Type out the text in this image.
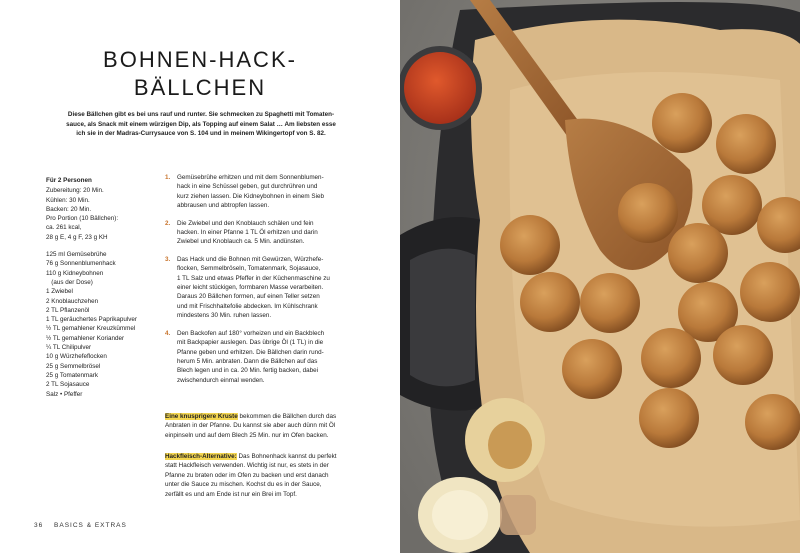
BOHNEN-HACK-
BÄLLCHEN
Diese Bällchen gibt es bei uns rauf und runter. Sie schmecken zu Spaghetti mit Tomaten-
sauce, als Snack mit einem würzigen Dip, als Topping auf einem Salat … Am liebsten esse
ich sie in der Madras-Currysauce von S. 104 und in meinem Wikingertopf von S. 82.
Für 2 Personen
Zubereitung: 20 Min.
Kühlen: 30 Min.
Backen: 20 Min.
Pro Portion (10 Bällchen):
ca. 261 kcal,
28 g E, 4 g F, 23 g KH
125 ml Gemüsebrühe
76 g Sonnenblumenhack
110 g Kidneybohnen
(aus der Dose)
1 Zwiebel
2 Knoblauchzehen
2 TL Pflanzenöl
1 TL geräuchertes Paprikapulver
½ TL gemahlener Kreuzkümmel
½ TL gemahlener Koriander
¼ TL Chilipulver
10 g Würzhefeflocken
25 g Semmelbrösel
25 g Tomatenmark
2 TL Sojasauce
Salz • Pfeffer
1. Gemüsebrühe erhitzen und mit dem Sonnenblumen-
hack in eine Schüssel geben, gut durchrühren und
kurz ziehen lassen. Die Kidneybohnen in einem Sieb
abbrausen und abtropfen lassen.
2. Die Zwiebel und den Knoblauch schälen und fein
hacken. In einer Pfanne 1 TL Öl erhitzen und darin
Zwiebel und Knoblauch ca. 5 Min. andünsten.
3. Das Hack und die Bohnen mit Gewürzen, Würzhefe-
flocken, Semmelbröseln, Tomatenmark, Sojasauce,
1 TL Salz und etwas Pfeffer in der Küchenmaschine zu
einer leicht stückigen, formbaren Masse verarbeiten.
Daraus 20 Bällchen formen, auf einen Teller setzen
und mit Frischhaltefolie abdecken. Im Kühlschrank
mindestens 30 Min. ruhen lassen.
4. Den Backofen auf 180° vorheizen und ein Backblech
mit Backpapier auslegen. Das übrige Öl (1 TL) in die
Pfanne geben und erhitzen. Die Bällchen darin rund-
herum 5 Min. anbraten. Dann die Bällchen auf das
Blech legen und in ca. 20 Min. fertig backen, dabei
zwischendurch einmal wenden.
Eine knusprigere Kruste bekommen die Bällchen durch das
Anbraten in der Pfanne. Du kannst sie aber auch dünn mit Öl
einpinseln und auf dem Blech 25 Min. nur im Ofen backen.
Hackfleisch-Alternative: Das Bohnenhack kannst du perfekt
statt Hackfleisch verwenden. Wichtig ist nur, es stets in der
Pfanne zu braten oder im Ofen zu backen und erst danach
unter die Sauce zu mischen. Kochst du es in der Sauce,
zerfällt es und am Ende ist nur ein Brei im Topf.
36 BASICS & EXTRAS
